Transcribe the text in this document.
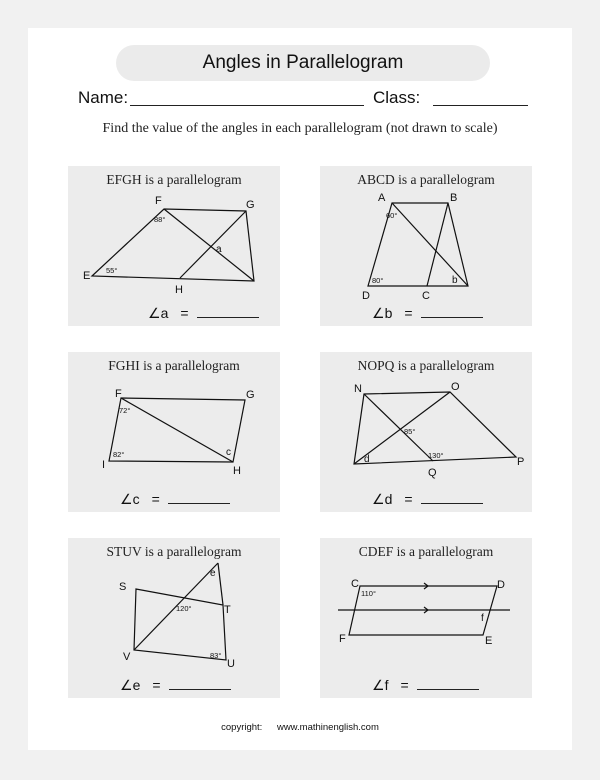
Angles in Parallelogram
Name:	Class:
Find the value of the angles in each parallelogram (not drawn to scale)
EFGH is a parallelogram
F	G
E
H
88°
55°
a
∠ a =
ABCD is a parallelogram
A	B
C
D
60°
80°	b
∠ b =
FGHI is a parallelogram
F	G
H
I
72°
82°	c
∠ c =
NOPQ is a parallelogram
N	O
P
Q
85°
130°
d
∠ d =
STUV is a parallelogram
S
T
U
V
120°
83°
e
∠ e =
CDEF is a parallelogram
C	D
E
F
110°
f
∠ f =
copyright: www.mathinenglish.com
